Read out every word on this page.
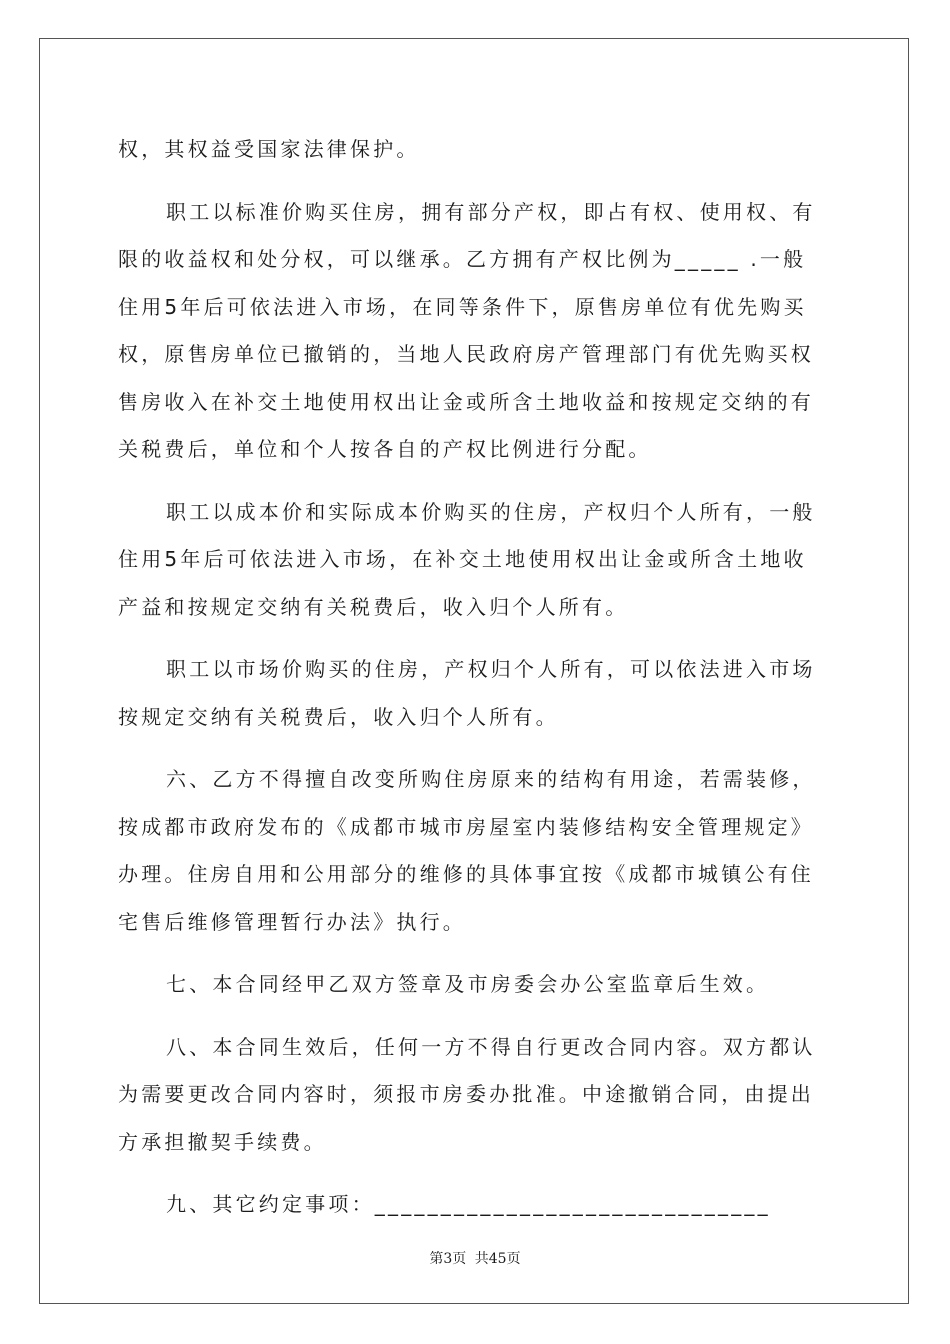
权，其权益受国家法律保护。
职工以标准价购买住房，拥有部分产权，即占有权、使用权、有
限的收益权和处分权，可以继承。乙方拥有产权比例为_____ .一般
住用5年后可依法进入市场，在同等条件下，原售房单位有优先购买
权，原售房单位已撤销的，当地人民政府房产管理部门有优先购买权
售房收入在补交土地使用权出让金或所含土地收益和按规定交纳的有
关税费后，单位和个人按各自的产权比例进行分配。
职工以成本价和实际成本价购买的住房，产权归个人所有，一般
住用5年后可依法进入市场，在补交土地使用权出让金或所含土地收
产益和按规定交纳有关税费后，收入归个人所有。
职工以市场价购买的住房，产权归个人所有，可以依法进入市场
按规定交纳有关税费后，收入归个人所有。
六、乙方不得擅自改变所购住房原来的结构有用途，若需装修，
按成都市政府发布的《成都市城市房屋室内装修结构安全管理规定》
办理。住房自用和公用部分的维修的具体事宜按《成都市城镇公有住
宅售后维修管理暂行办法》执行。
七、本合同经甲乙双方签章及市房委会办公室监章后生效。
八、本合同生效后，任何一方不得自行更改合同内容。双方都认
为需要更改合同内容时，须报市房委办批准。中途撤销合同，由提出
方承担撤契手续费。
九、其它约定事项：______________________________
第3页 共45页
